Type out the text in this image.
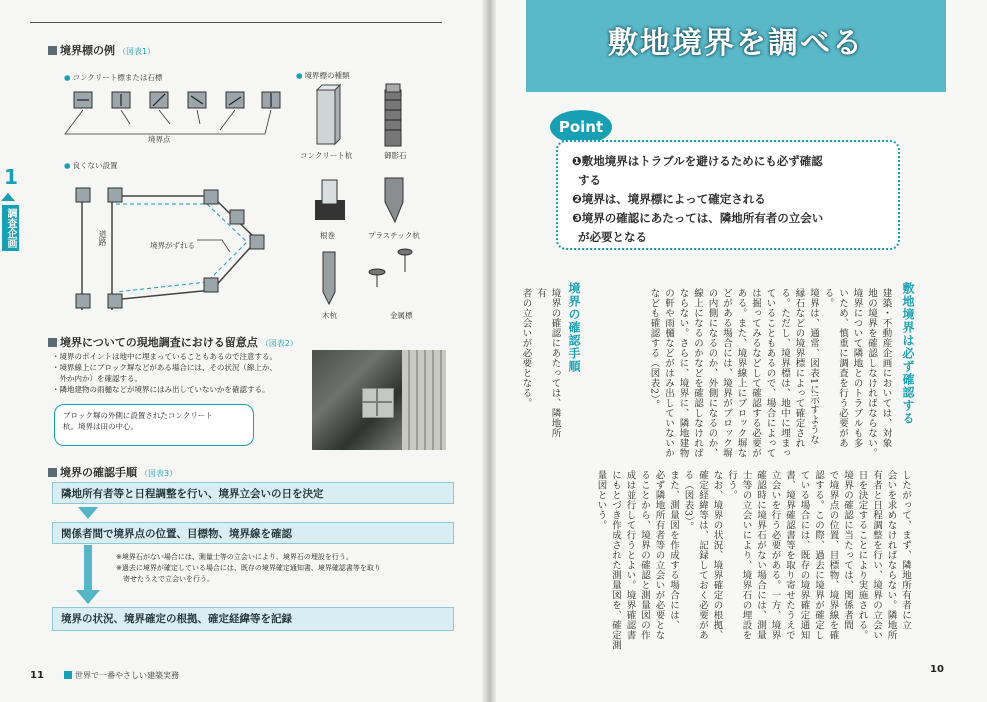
1
調査企画
境界標の例 （図表1）
● コンクリート標または石標
●	境界標の種類
境界点
コンクリート杭	御影石
根巻	プラスチック杭
木杭	金属標
● 良くない設置
道路	境界がずれる
境界についての現地調査における留意点 （図表2）
・境界のポイントは地中に埋まっていることもあるので注意する。
・境界線上にブロック塀などがある場合には、その状況（線上か、
　外か内か）を確認する。
・隣地建物の雨樋などが境界にはみ出していないかを確認する。
ブロック塀の外側に設置されたコンクリート
杭。境界は田の中心。
境界の確認手順 （図表3）
隣地所有者等と日程調整を行い、境界立会いの日を決定
関係者間で境界点の位置、目標物、境界線を確認
※境界石がない場合には、測量士等の立会いにより、境界石の埋設を行う。
※過去に境界が確定している場合には、既存の境界確定通知書、境界確認書等を取り
　寄せたうえで立会いを行う。
境界の状況、境界確定の根拠、確定経緯等を記録
11	世界で一番やさしい建築実務
敷地境界を調べる
Point
❶敷地境界はトラブルを避けるためにも必ず確認
する
❷境界は、境界標によって確定される
❸境界の確認にあたっては、隣地所有者の立会い
が必要となる
敷地境界は必ず確認する
境界の確認手順	建築・不動産企画においては、対象
地の境界を確認しなければならない。
境界について隣地とのトラブルも多
いため、慎重に調査を行う必要がある。
境界は、通常、図表1に示すような
縁石などの境界標によって確定され
る。ただし、境界標は、地中に埋まっ
ていることもあるので、場合によって
は掘ってみるなどして確認する必要が
ある。また、境界線上にブロック塀な
どがある場合には、境界がブロック塀
の内側になるのか、外側になるのか、
線上になるのかなどを確認しなければ
ならない。さらに、境界に、隣地建物
の軒や雨樋などがはみ出していないか
なども確認する（図表2）。
境界の確認にあたっては、隣地所有
者の立会いが必要となる。
したがって、まず、隣地所有者に立
会いを求めなければならない。隣地所
有者と日程調整を行い、境界の立会い
日を決定することにより実施される。
境界の確認に当たっては、関係者間
で境界点の位置、目標物、境界線を確
認する。この際、過去に境界が確定し
ている場合には、既存の境界確定通知
書、境界確認書等を取り寄せたうえで
立会いを行う必要がある。一方、境界
確認時に境界石がない場合には、測量
士等の立会いにより、境界石の埋設を
行う。
なお、境界の状況、境界確定の根拠、
確定経緯等は、記録しておく必要があ
る（図表3）。
また、測量図を作成する場合には、
必ず隣地所有者等の立会いが必要とな
ることから、境界の確認と測量図の作
成は並行して行うとよい。境界確認書
にもとづき作成された測量図を、確定測
量図という。
10
